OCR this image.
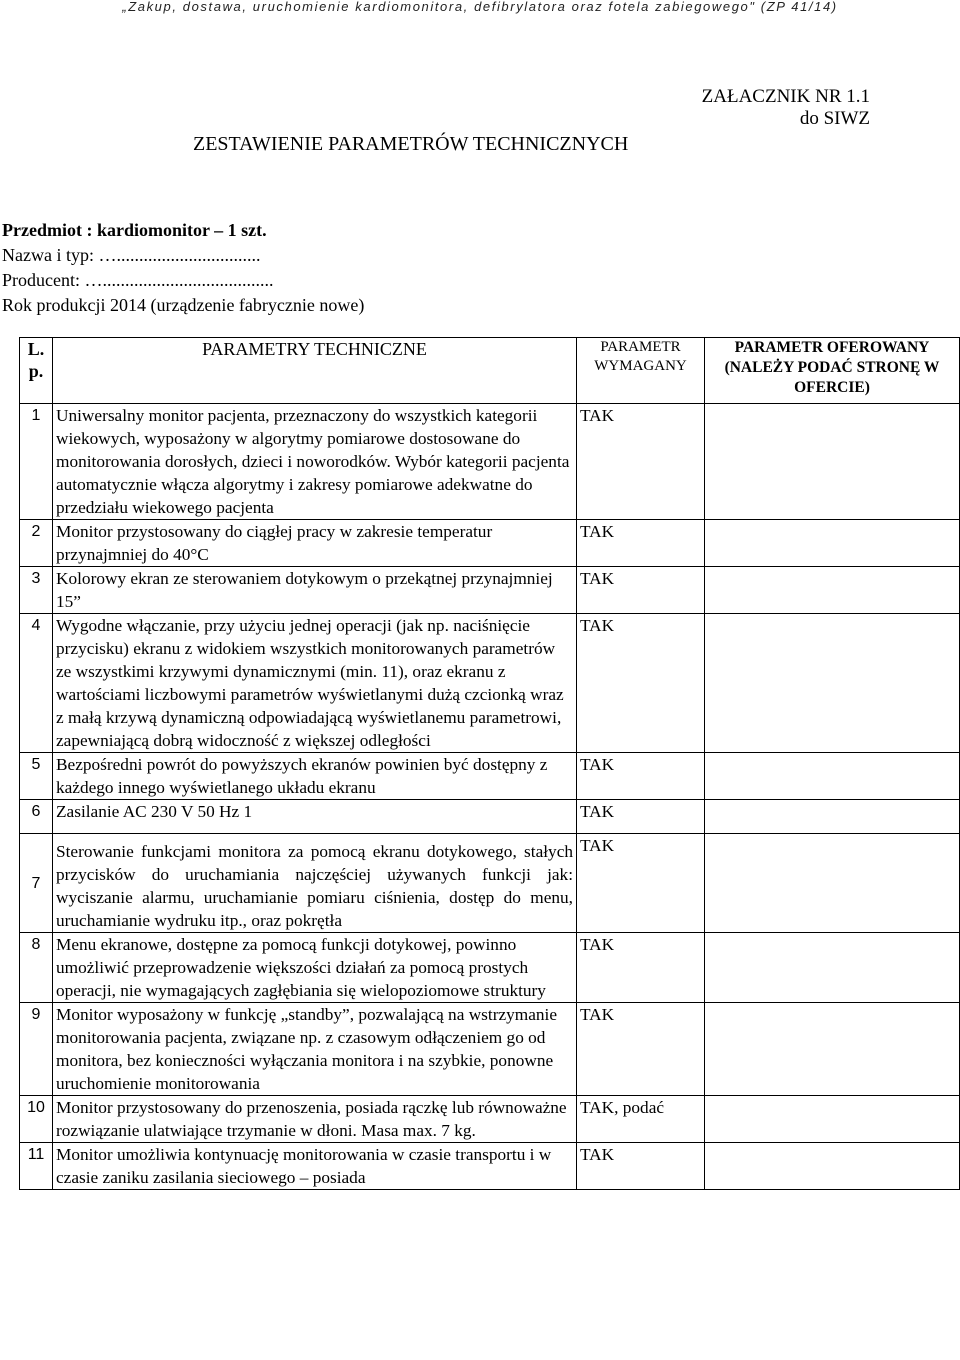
„Zakup, dostawa, uruchomienie kardiomonitora, defibrylatora oraz fotela zabiegowego" (ZP 41/14)
ZAŁACZNIK NR 1.1
do SIWZ
ZESTAWIENIE PARAMETRÓW TECHNICZNYCH
Przedmiot : kardiomonitor – 1 szt.
Nazwa i typ: …................................
Producent: …......................................
Rok produkcji 2014 (urządzenie fabrycznie nowe)
L. p.	PARAMETRY TECHNICZNE	PARAMETR WYMAGANY	PARAMETR OFEROWANY (NALEŻY PODAĆ STRONĘ W OFERCIE)
1	Uniwersalny monitor pacjenta, przeznaczony do wszystkich kategorii wiekowych, wyposażony w algorytmy pomiarowe dostosowane do monitorowania dorosłych, dzieci i noworodków. Wybór kategorii pacjenta automatycznie włącza algorytmy i zakresy pomiarowe adekwatne do przedziału wiekowego pacjenta	TAK	
2	Monitor przystosowany do ciągłej pracy w zakresie temperatur przynajmniej do 40°C	TAK	
3	Kolorowy ekran ze sterowaniem dotykowym o przekątnej przynajmniej 15”	TAK	
4	Wygodne włączanie, przy użyciu jednej operacji (jak np. naciśnięcie przycisku) ekranu z widokiem wszystkich monitorowanych parametrów ze wszystkimi krzywymi dynamicznymi (min. 11), oraz ekranu z wartościami liczbowymi parametrów wyświetlanymi dużą czcionką wraz z małą krzywą dynamiczną odpowiadającą wyświetlanemu parametrowi, zapewniającą dobrą widoczność z większej odległości	TAK	
5	Bezpośredni powrót do powyższych ekranów powinien być dostępny z każdego innego wyświetlanego układu ekranu	TAK	
6	Zasilanie AC 230 V 50 Hz 1	TAK	
7	Sterowanie funkcjami monitora za pomocą ekranu dotykowego, stałych przycisków do uruchamiania najczęściej używanych funkcji jak: wyciszanie alarmu, uruchamianie pomiaru ciśnienia, dostęp do menu, uruchamianie wydruku itp., oraz pokrętła	TAK	
8	Menu ekranowe, dostępne za pomocą funkcji dotykowej, powinno umożliwić przeprowadzenie większości działań za pomocą prostych operacji, nie wymagających zagłębiania się wielopoziomowe struktury	TAK	
9	Monitor wyposażony w funkcję „standby”, pozwalającą na wstrzymanie monitorowania pacjenta, związane np. z czasowym odłączeniem go od monitora, bez konieczności wyłączania monitora i na szybkie, ponowne uruchomienie monitorowania	TAK	
10	Monitor przystosowany do przenoszenia, posiada rączkę lub równoważne rozwiązanie ulatwiające trzymanie w dłoni. Masa max. 7 kg.	TAK, podać	
11	Monitor umożliwia kontynuację monitorowania w czasie transportu i w czasie zaniku zasilania sieciowego – posiada	TAK	
